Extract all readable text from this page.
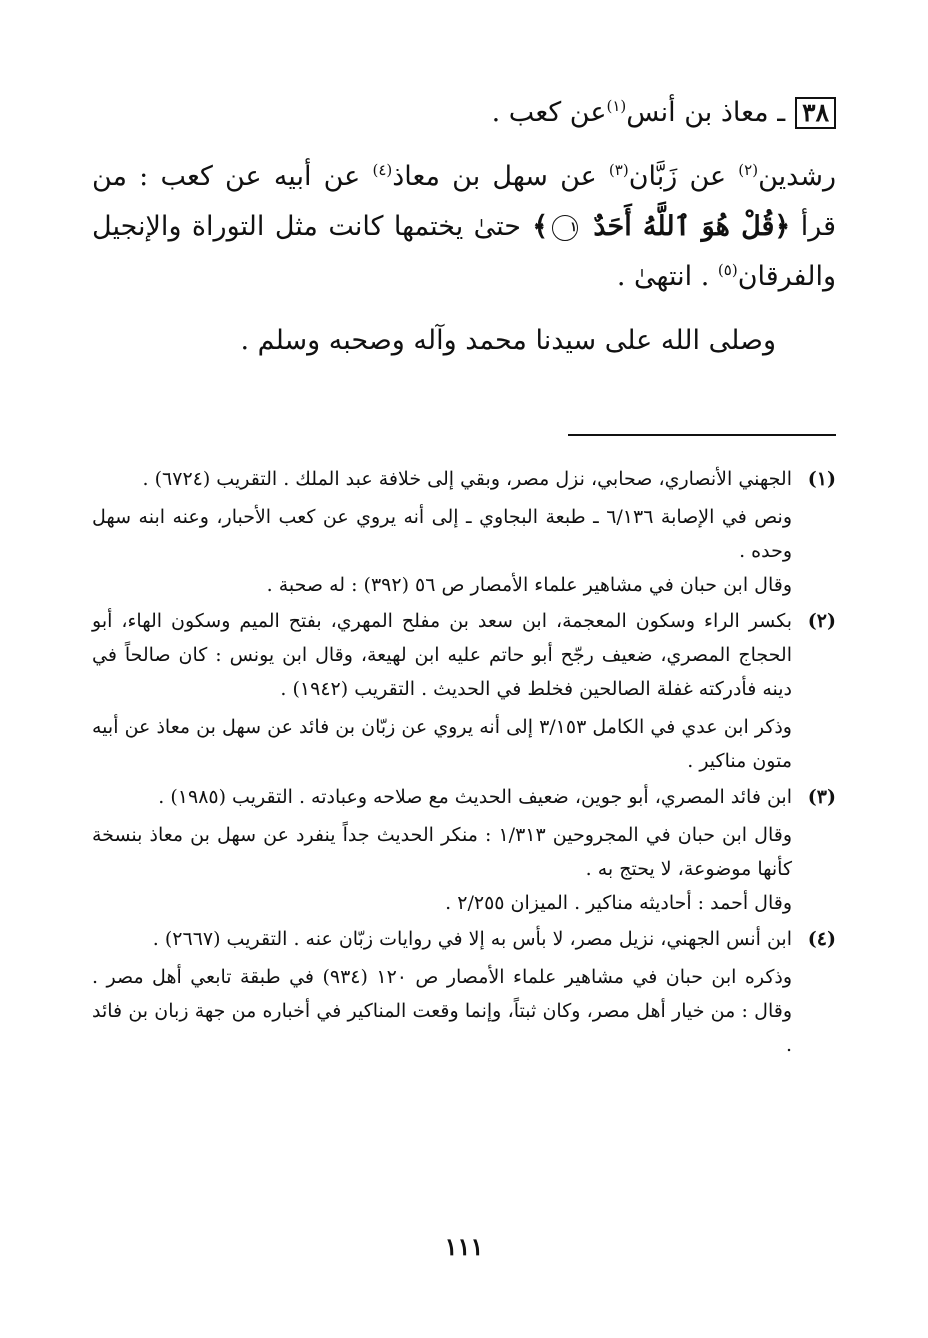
٣٨
ـ معاذ بن أنس$^{(١)}$عن كعب .
رشدين$^{(٢)}$ عن زَبَّان$^{(٣)}$ عن سهل بن معاذ$^{(٤)}$ عن أبيه عن كعب : من قرأ ﴿قُلْ هُوَ ٱللَّهُ أَحَدٌ ١﴾ حتىٰ يختمها كانت مثل التوراة والإنجيل والفرقان$^{(٥)}$ . انتهىٰ .
وصلى الله على سيدنا محمد وآله وصحبه وسلم .
(١)
الجهني الأنصاري، صحابي، نزل مصر، وبقي إلى خلافة عبد الملك . التقريب (٦٧٢٤) .
ونص في الإصابة ٦/١٣٦ ـ طبعة البجاوي ـ إلى أنه يروي عن كعب الأحبار، وعنه ابنه سهل وحده .
وقال ابن حبان في مشاهير علماء الأمصار ص ٥٦ (٣٩٢) : له صحبة .
(٢)
بكسر الراء وسكون المعجمة، ابن سعد بن مفلح المهري، بفتح الميم وسكون الهاء، أبو الحجاج المصري، ضعيف رجّح أبو حاتم عليه ابن لهيعة، وقال ابن يونس : كان صالحاً في دينه فأدركته غفلة الصالحين فخلط في الحديث . التقريب (١٩٤٢) .
وذكر ابن عدي في الكامل ٣/١٥٣ إلى أنه يروي عن زبّان بن فائد عن سهل بن معاذ عن أبيه متون مناكير .
(٣)
ابن فائد المصري، أبو جوين، ضعيف الحديث مع صلاحه وعبادته . التقريب (١٩٨٥) .
وقال ابن حبان في المجروحين ١/٣١٣ : منكر الحديث جداً ينفرد عن سهل بن معاذ بنسخة كأنها موضوعة، لا يحتج به .
وقال أحمد : أحاديثه مناكير . الميزان ٢/٢٥٥ .
(٤)
ابن أنس الجهني، نزيل مصر، لا بأس به إلا في روايات زبّان عنه . التقريب (٢٦٦٧) .
وذكره ابن حبان في مشاهير علماء الأمصار ص ١٢٠ (٩٣٤) في طبقة تابعي أهل مصر . وقال : من خيار أهل مصر، وكان ثبتاً، وإنما وقعت المناكير في أخباره من جهة زبان بن فائد .
١١١
